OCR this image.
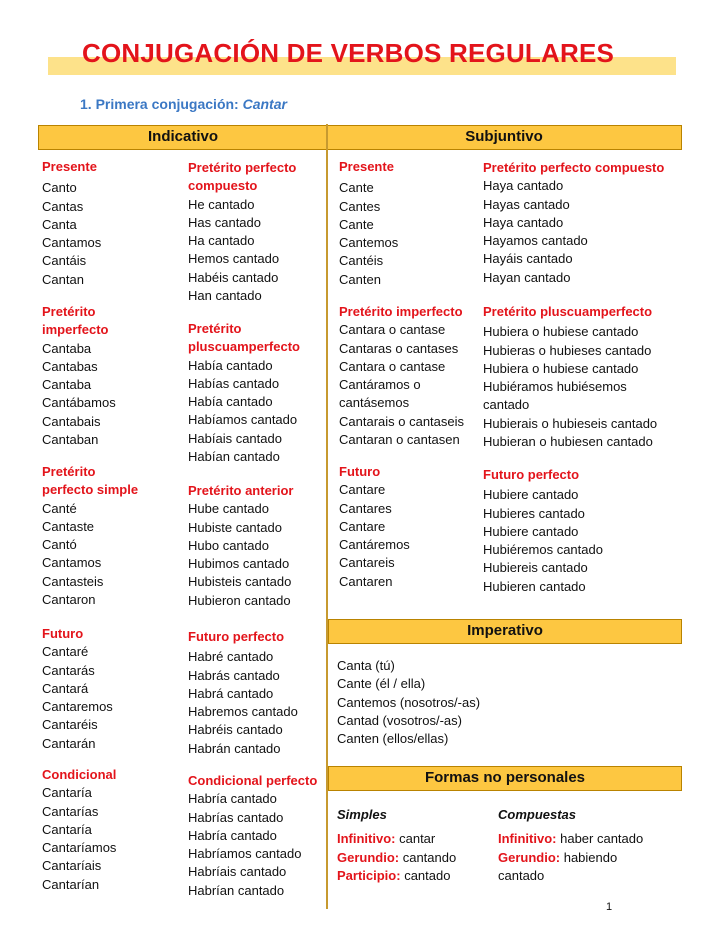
CONJUGACIÓN DE VERBOS REGULARES
1. Primera conjugación: Cantar
Indicativo	Subjuntivo
Presente
Canto
Cantas
Canta
Cantamos
Cantáis
Cantan
Pretérito
imperfecto
Cantaba
Cantabas
Cantaba
Cantábamos
Cantabais
Cantaban
Pretérito
perfecto simple
Canté
Cantaste
Cantó
Cantamos
Cantasteis
Cantaron
Futuro
Cantaré
Cantarás
Cantará
Cantaremos
Cantaréis
Cantarán
Condicional
Cantaría
Cantarías
Cantaría
Cantaríamos
Cantaríais
Cantarían
Pretérito perfecto
compuesto
He cantado
Has cantado
Ha cantado
Hemos cantado
Habéis cantado
Han cantado
Pretérito
pluscuamperfecto
Había cantado
Habías cantado
Había cantado
Habíamos cantado
Habíais cantado
Habían cantado
Pretérito anterior
Hube cantado
Hubiste cantado
Hubo cantado
Hubimos cantado
Hubisteis cantado
Hubieron cantado
Futuro perfecto
Habré cantado
Habrás cantado
Habrá cantado
Habremos cantado
Habréis cantado
Habrán cantado
Condicional perfecto
Habría cantado
Habrías cantado
Habría cantado
Habríamos cantado
Habríais cantado
Habrían cantado
Presente
Cante
Cantes
Cante
Cantemos
Cantéis
Canten
Pretérito imperfecto
Cantara o cantase
Cantaras o cantases
Cantara o cantase
Cantáramos o
cantásemos
Cantarais o cantaseis
Cantaran o cantasen
Futuro
Cantare
Cantares
Cantare
Cantáremos
Cantareis
Cantaren
Pretérito perfecto compuesto
Haya cantado
Hayas cantado
Haya cantado
Hayamos cantado
Hayáis cantado
Hayan cantado
Pretérito pluscuamperfecto
Hubiera o hubiese cantado
Hubieras o hubieses cantado
Hubiera o hubiese cantado
Hubiéramos hubiésemos
cantado
Hubierais o hubieseis cantado
Hubieran o hubiesen cantado
Futuro perfecto
Hubiere cantado
Hubieres cantado
Hubiere cantado
Hubiéremos cantado
Hubiereis cantado
Hubieren cantado
Imperativo
Canta (tú)
Cante (él / ella)
Cantemos (nosotros/-as)
Cantad (vosotros/-as)
Canten (ellos/ellas)
Formas no personales
Simples
Infinitivo: cantar
Gerundio: cantando
Participio: cantado
Compuestas
Infinitivo: haber cantado
Gerundio: habiendo
cantado
1
